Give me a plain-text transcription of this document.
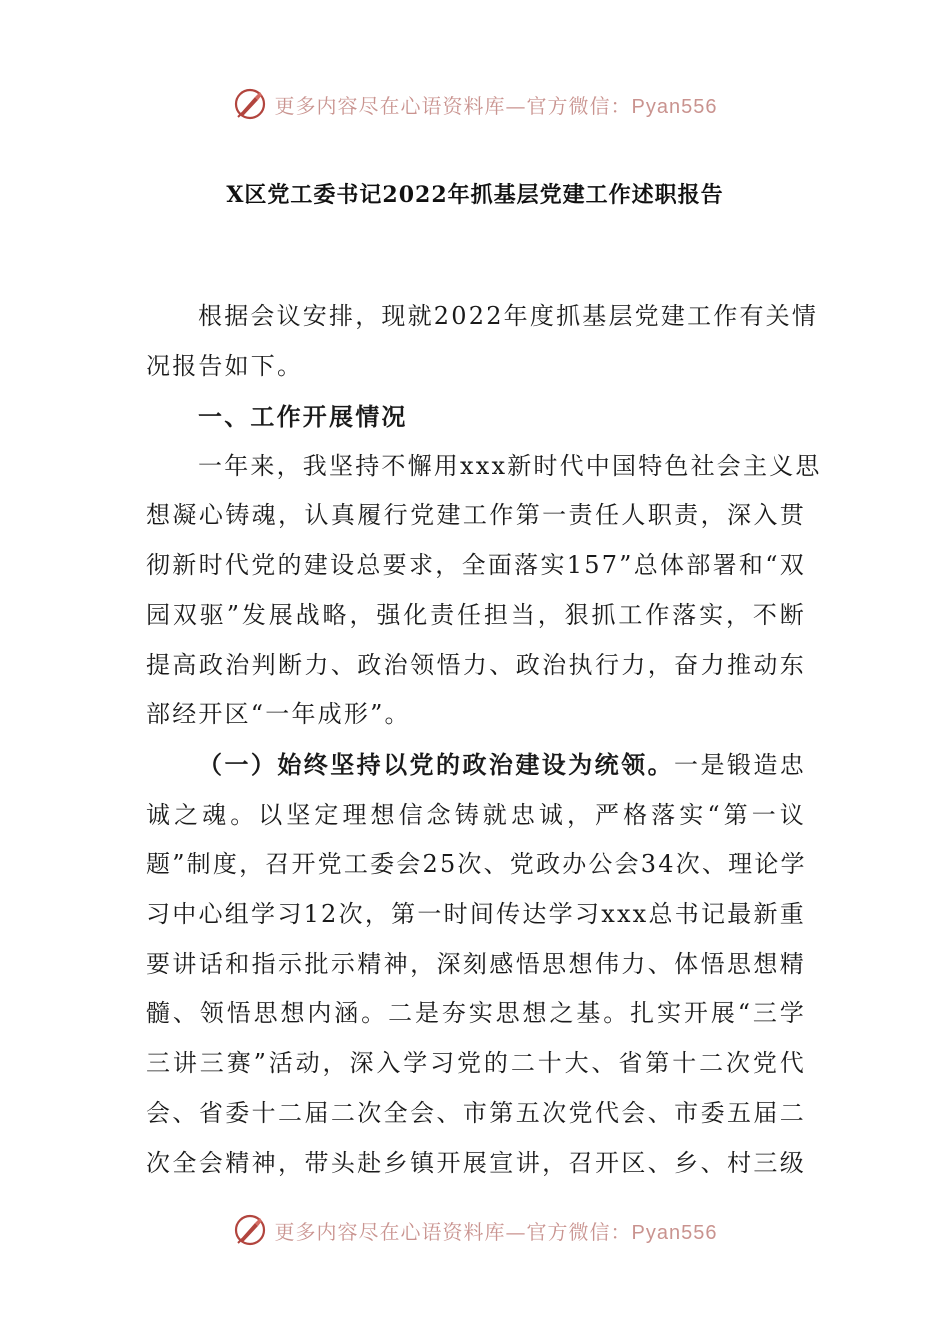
更多内容尽在心语资料库—官方微信：Pyan556
X区党工委书记2022年抓基层党建工作述职报告
根据会议安排，现就2022年度抓基层党建工作有关情
况报告如下。
一、工作开展情况
一年来，我坚持不懈用xxx新时代中国特色社会主义思
想凝心铸魂，认真履行党建工作第一责任人职责，深入贯
彻新时代党的建设总要求，全面落实157”总体部署和“双
园双驱”发展战略，强化责任担当，狠抓工作落实，不断
提高政治判断力、政治领悟力、政治执行力，奋力推动东
部经开区“一年成形”。
（一）始终坚持以党的政治建设为统领。一是锻造忠
诚之魂。以坚定理想信念铸就忠诚，严格落实“第一议
题”制度，召开党工委会25次、党政办公会34次、理论学
习中心组学习12次，第一时间传达学习xxx总书记最新重
要讲话和指示批示精神，深刻感悟思想伟力、体悟思想精
髓、领悟思想内涵。二是夯实思想之基。扎实开展“三学
三讲三赛”活动，深入学习党的二十大、省第十二次党代
会、省委十二届二次全会、市第五次党代会、市委五届二
次全会精神，带头赴乡镇开展宣讲，召开区、乡、村三级
更多内容尽在心语资料库—官方微信：Pyan556
